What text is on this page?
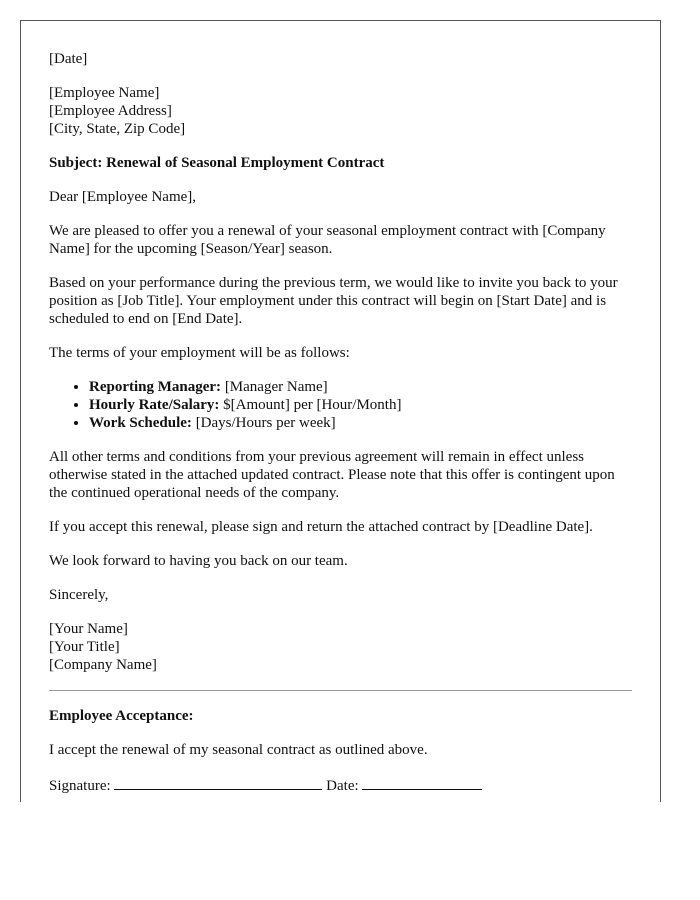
[Date]

[Employee Name]
[Employee Address]
[City, State, Zip Code]

Subject: Renewal of Seasonal Employment Contract

Dear [Employee Name],

We are pleased to offer you a renewal of your seasonal employment contract with [Company Name] for the upcoming [Season/Year] season.

Based on your performance during the previous term, we would like to invite you back to your position as [Job Title]. Your employment under this contract will begin on [Start Date] and is scheduled to end on [End Date].

The terms of your employment will be as follows:

• Reporting Manager: [Manager Name]
• Hourly Rate/Salary: $[Amount] per [Hour/Month]
• Work Schedule: [Days/Hours per week]

All other terms and conditions from your previous agreement will remain in effect unless otherwise stated in the attached updated contract. Please note that this offer is contingent upon the continued operational needs of the company.

If you accept this renewal, please sign and return the attached contract by [Deadline Date].

We look forward to having you back on our team.

Sincerely,

[Your Name]
[Your Title]
[Company Name]

Employee Acceptance:

I accept the renewal of my seasonal contract as outlined above.

Signature:	Date:
